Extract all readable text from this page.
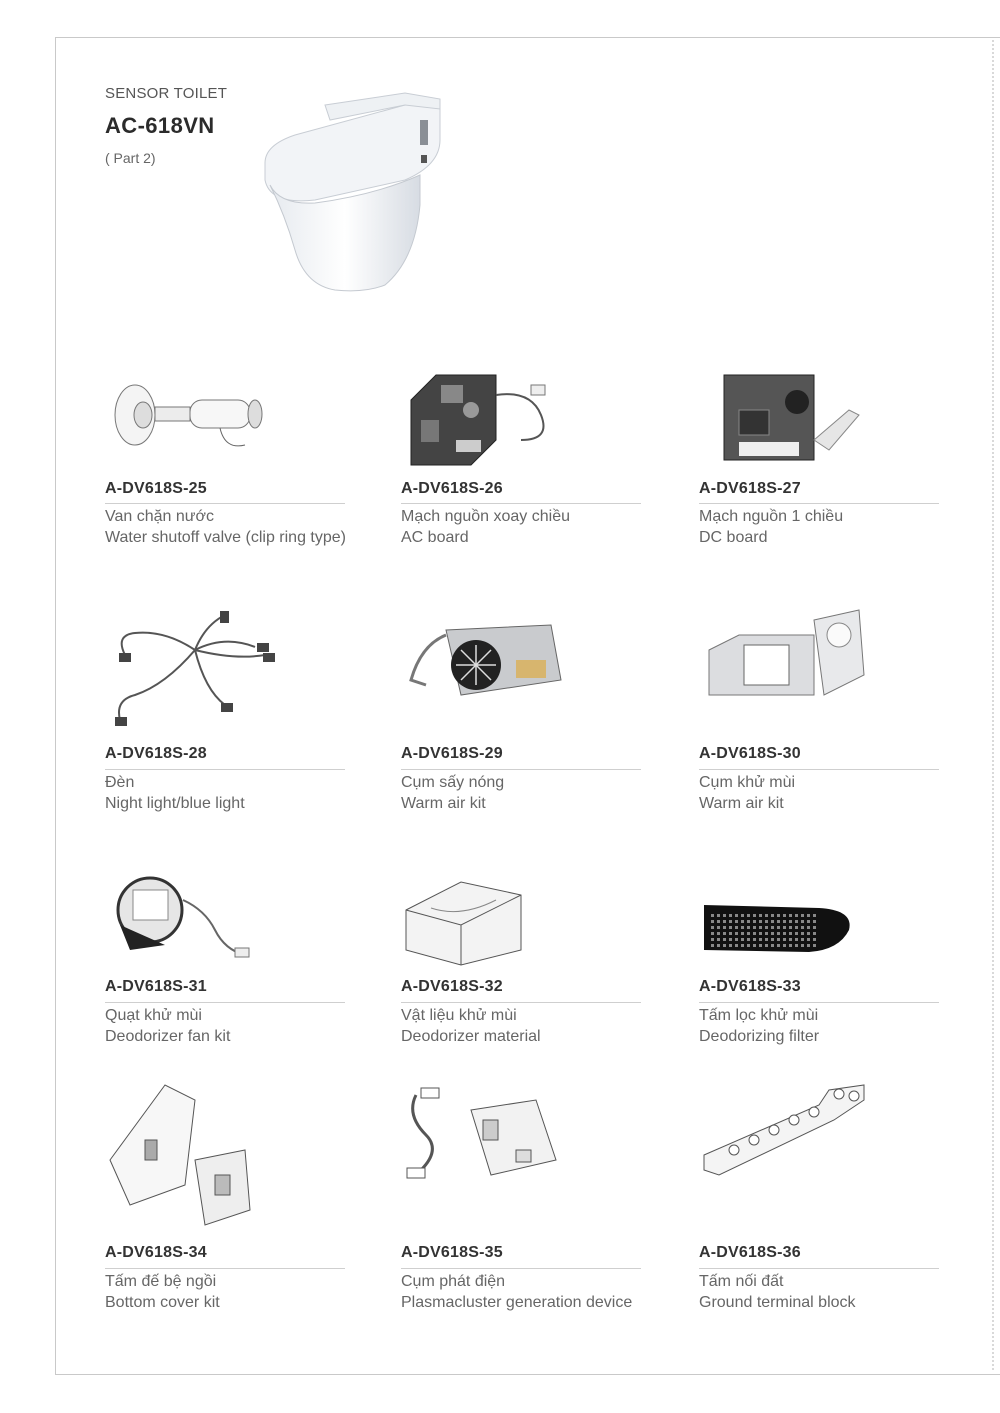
SENSOR TOILET
AC-618VN
( Part 2)
A-DV618S-25
Van chặn nước
Water shutoff valve (clip ring type)
A-DV618S-26
Mạch nguồn xoay chiều
AC board
A-DV618S-27
Mạch nguồn 1 chiều
DC board
A-DV618S-28
Đèn
Night light/blue light
A-DV618S-29
Cụm sấy nóng
Warm air kit
A-DV618S-30
Cụm khử mùi
Warm air kit
A-DV618S-31
Quạt khử mùi
Deodorizer fan kit
A-DV618S-32
Vật liệu khử mùi
Deodorizer material
A-DV618S-33
Tấm lọc khử mùi
Deodorizing filter
A-DV618S-34
Tấm đế bệ ngồi
Bottom cover kit
A-DV618S-35
Cụm phát điện
Plasmacluster generation device
A-DV618S-36
Tấm nối đất
Ground terminal block
